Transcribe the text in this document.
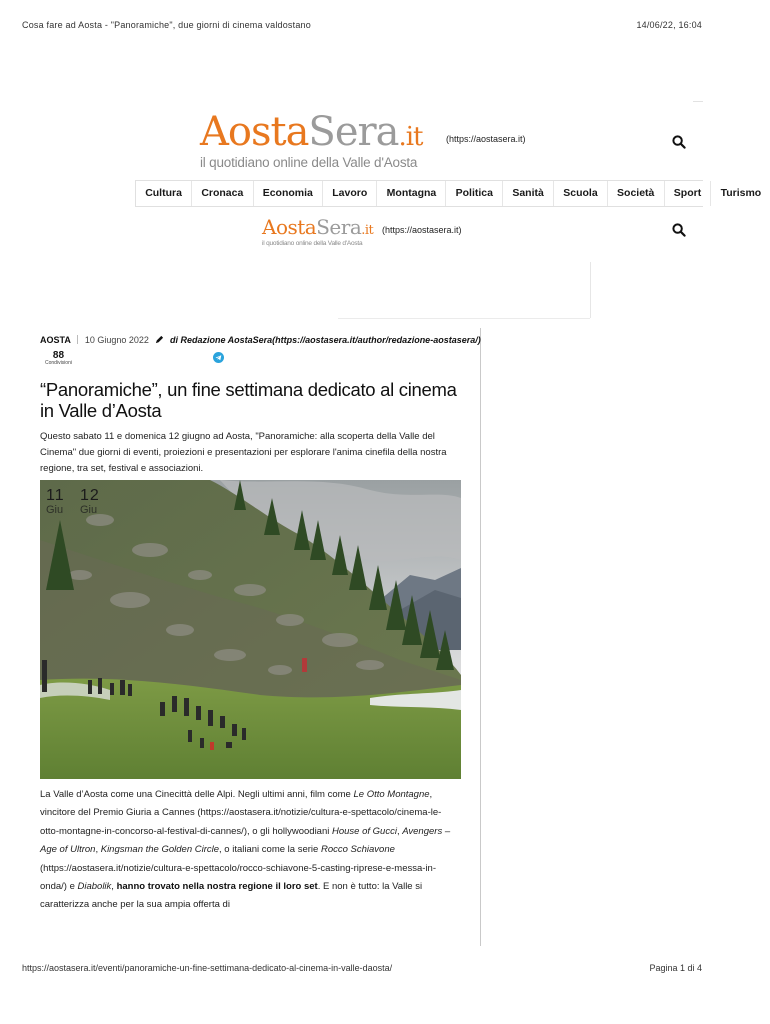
Cosa fare ad Aosta - "Panoramiche", due giorni di cinema valdostano	14/06/22, 16:04
AostaSera.it
il quotidiano online della Valle d'Aosta
(https://aostasera.it)
Cultura	Cronaca	Economia	Lavoro	Montagna	Politica	Sanità	Scuola	Società	Sport	Turismo
AostaSera.it
il quotidiano online della Valle d'Aosta
(https://aostasera.it)
AOSTA 10 Giugno 2022 di Redazione AostaSera(https://aostasera.it/author/redazione-aostasera/)
88
Condivisioni
“Panoramiche”, un fine settimana dedicato al cinema in Valle d’Aosta
Questo sabato 11 e domenica 12 giugno ad Aosta, "Panoramiche: alla scoperta della Valle del Cinema" due giorni di eventi, proiezioni e presentazioni per esplorare l'anima cinefila della nostra regione, tra set, festival e associazioni.
11
Giu
12
Giu
La Valle d’Aosta come una Cinecittà delle Alpi. Negli ultimi anni, film come Le Otto Montagne, vincitore del Premio Giuria a Cannes (https://aostasera.it/notizie/cultura-e-spettacolo/cinema-le-otto-montagne-in-concorso-al-festival-di-cannes/), o gli hollywoodiani House of Gucci, Avengers – Age of Ultron, Kingsman the Golden Circle, o italiani come la serie Rocco Schiavone (https://aostasera.it/notizie/cultura-e-spettacolo/rocco-schiavone-5-casting-riprese-e-messa-in-onda/) e Diabolik, hanno trovato nella nostra regione il loro set. E non è tutto: la Valle si caratterizza anche per la sua ampia offerta di
https://aostasera.it/eventi/panoramiche-un-fine-settimana-dedicato-al-cinema-in-valle-daosta/	Pagina 1 di 4
